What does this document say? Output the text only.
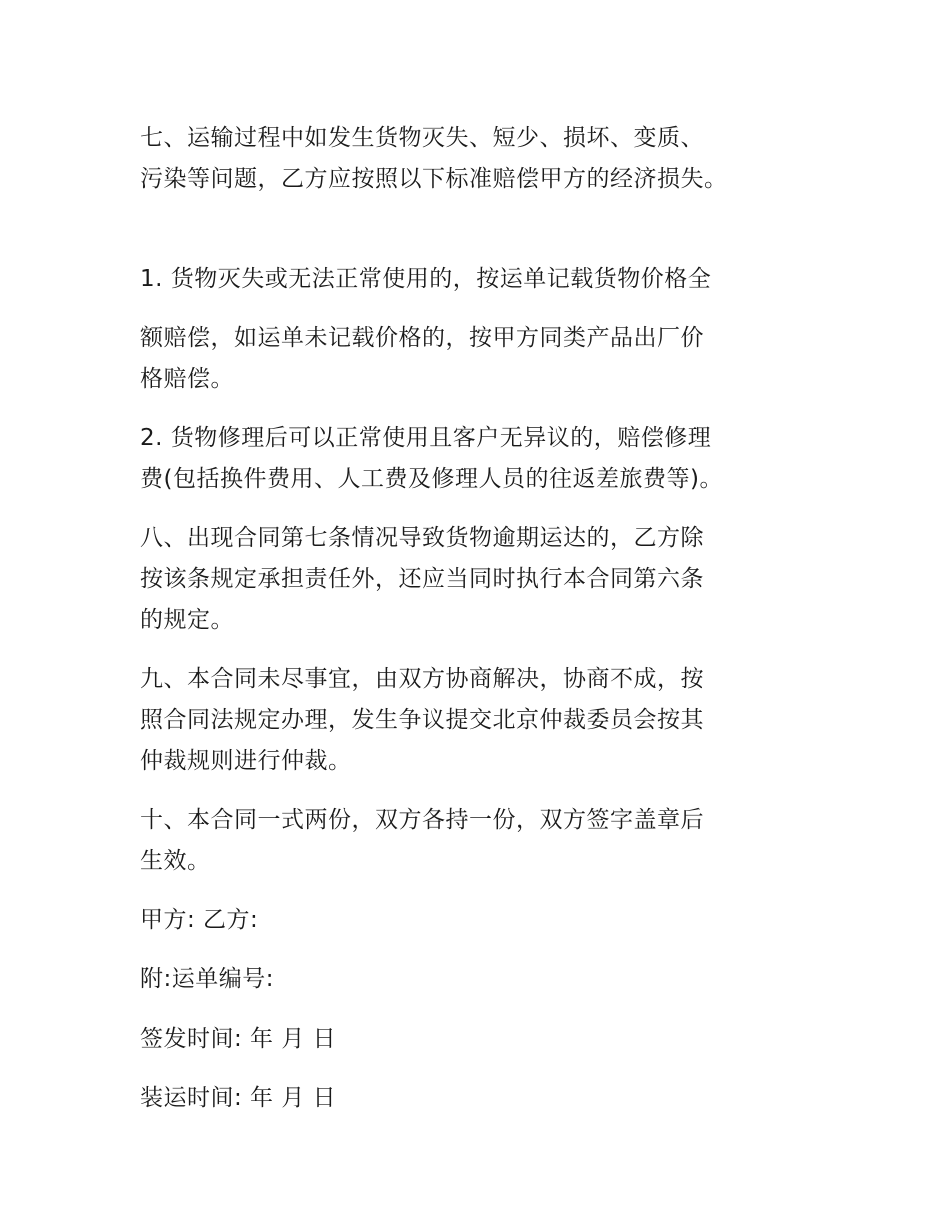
七、运输过程中如发生货物灭失、短少、损坏、变质、
污染等问题，乙方应按照以下标准赔偿甲方的经济损失。
1. 货物灭失或无法正常使用的，按运单记载货物价格全
额赔偿，如运单未记载价格的，按甲方同类产品出厂价
格赔偿。
2. 货物修理后可以正常使用且客户无异议的，赔偿修理
费(包括换件费用、人工费及修理人员的往返差旅费等)。
八、出现合同第七条情况导致货物逾期运达的，乙方除
按该条规定承担责任外，还应当同时执行本合同第六条
的规定。
九、本合同未尽事宜，由双方协商解决，协商不成，按
照合同法规定办理，发生争议提交北京仲裁委员会按其
仲裁规则进行仲裁。
十、本合同一式两份，双方各持一份，双方签字盖章后
生效。
甲方: 乙方:
附:运单编号:
签发时间: 年 月 日
装运时间: 年 月 日
